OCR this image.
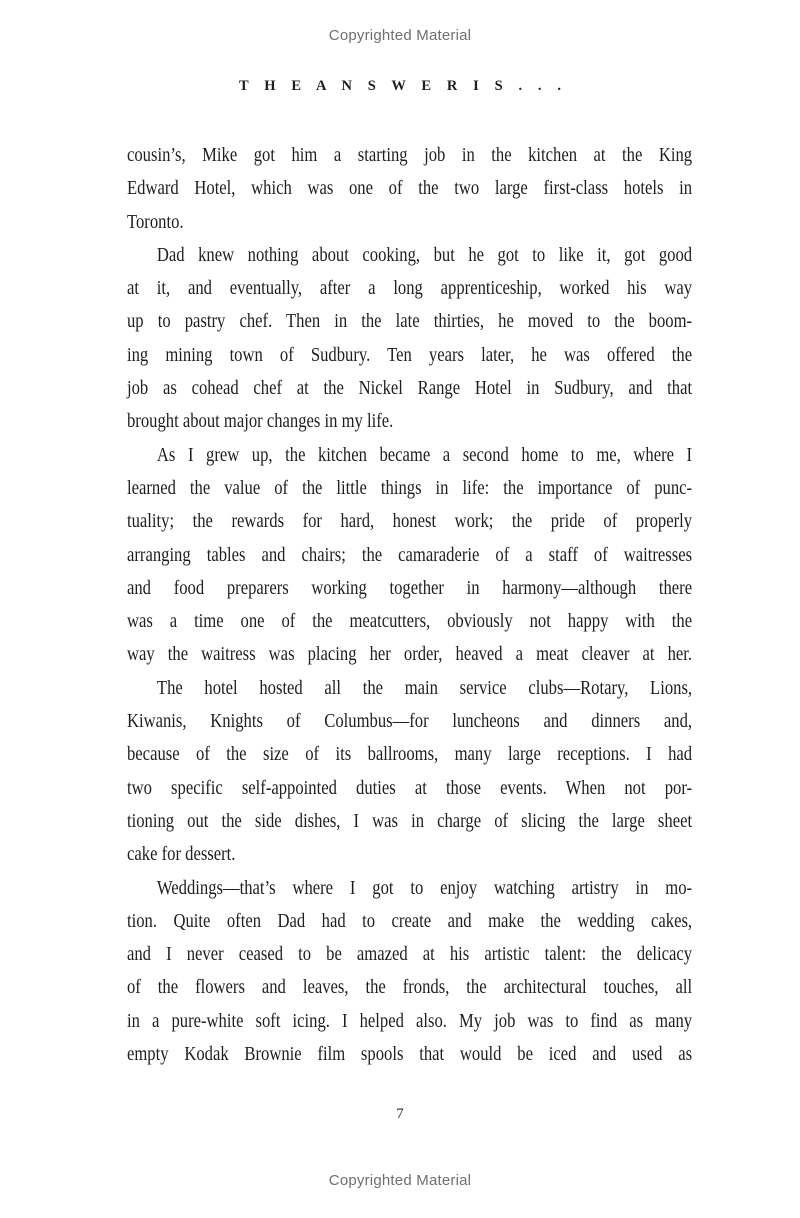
Copyrighted Material
T H E A N S W E R I S . . .
cousin’s, Mike got him a starting job in the kitchen at the King
Edward Hotel, which was one of the two large first-class hotels in
Toronto.
Dad knew nothing about cooking, but he got to like it, got good
at it, and eventually, after a long apprenticeship, worked his way
up to pastry chef. Then in the late thirties, he moved to the boom-
ing mining town of Sudbury. Ten years later, he was offered the
job as cohead chef at the Nickel Range Hotel in Sudbury, and that
brought about major changes in my life.
As I grew up, the kitchen became a second home to me, where I
learned the value of the little things in life: the importance of punc-
tuality; the rewards for hard, honest work; the pride of properly
arranging tables and chairs; the camaraderie of a staff of waitresses
and food preparers working together in harmony—although there
was a time one of the meatcutters, obviously not happy with the
way the waitress was placing her order, heaved a meat cleaver at her.
The hotel hosted all the main service clubs—Rotary, Lions,
Kiwanis, Knights of Columbus—for luncheons and dinners and,
because of the size of its ballrooms, many large receptions. I had
two specific self-appointed duties at those events. When not por-
tioning out the side dishes, I was in charge of slicing the large sheet
cake for dessert.
Weddings—that’s where I got to enjoy watching artistry in mo-
tion. Quite often Dad had to create and make the wedding cakes,
and I never ceased to be amazed at his artistic talent: the delicacy
of the flowers and leaves, the fronds, the architectural touches, all
in a pure-white soft icing. I helped also. My job was to find as many
empty Kodak Brownie film spools that would be iced and used as
7
Copyrighted Material
